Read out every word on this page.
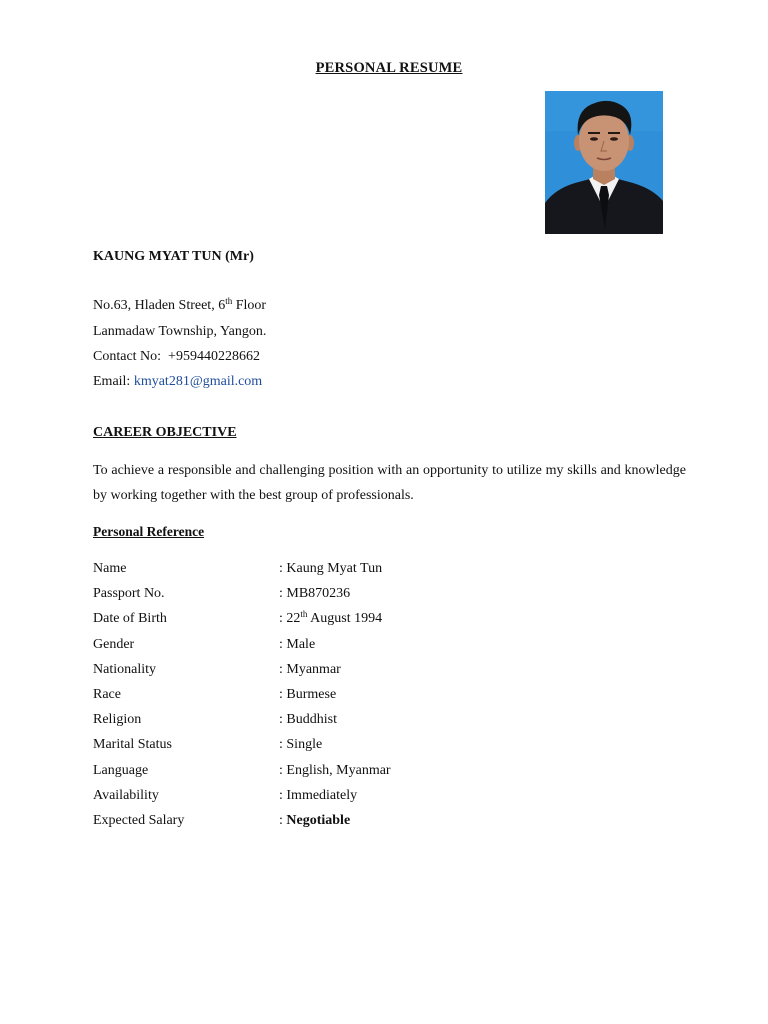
PERSONAL RESUME
KAUNG MYAT TUN (Mr)
No.63, Hladen Street, 6th Floor
Lanmadaw Township, Yangon.
Contact No: +959440228662
Email: kmyat281@gmail.com
CAREER OBJECTIVE
To achieve a responsible and challenging position with an opportunity to utilize my skills and knowledge by working together with the best group of professionals.
Personal Reference
Name	: Kaung Myat Tun
Passport No.	: MB870236
Date of Birth	: 22th August 1994
Gender	: Male
Nationality	: Myanmar
Race	: Burmese
Religion	: Buddhist
Marital Status	: Single
Language	: English, Myanmar
Availability	: Immediately
Expected Salary	: Negotiable
